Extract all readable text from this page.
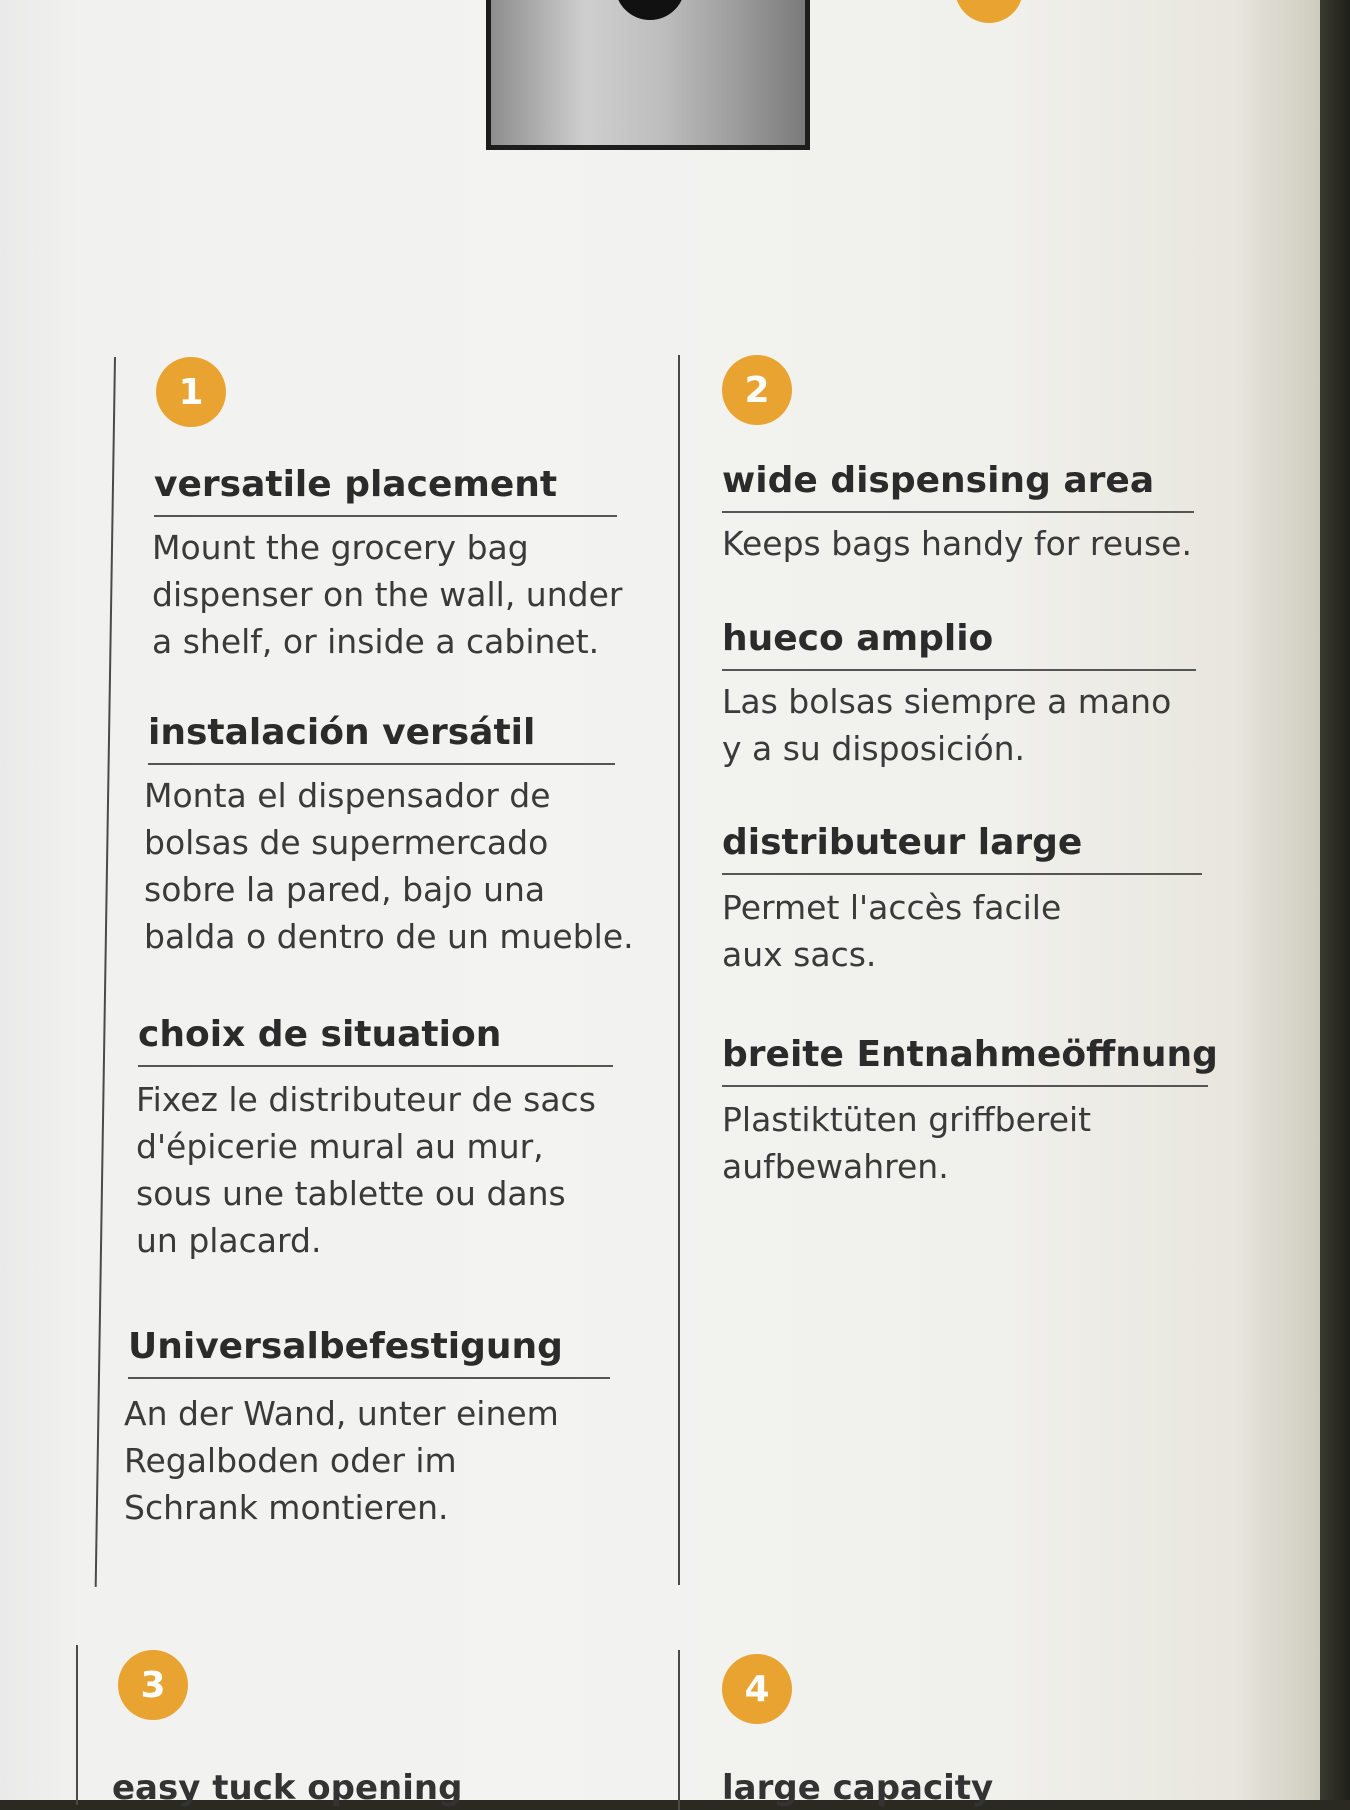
1	2
3	4
versatile placement
Mount the grocery bag
dispenser on the wall, under
a shelf, or inside a cabinet.
instalación versátil
Monta el dispensador de
bolsas de supermercado
sobre la pared, bajo una
balda o dentro de un mueble.
choix de situation
Fixez le distributeur de sacs
d'épicerie mural au mur,
sous une tablette ou dans
un placard.
Universalbefestigung
An der Wand, unter einem
Regalboden oder im
Schrank montieren.
wide dispensing area
Keeps bags handy for reuse.
hueco amplio
Las bolsas siempre a mano
y a su disposición.
distributeur large
Permet l'accès facile
aux sacs.
breite Entnahmeöffnung
Plastiktüten griffbereit
aufbewahren.
easy tuck opening	large capacity
